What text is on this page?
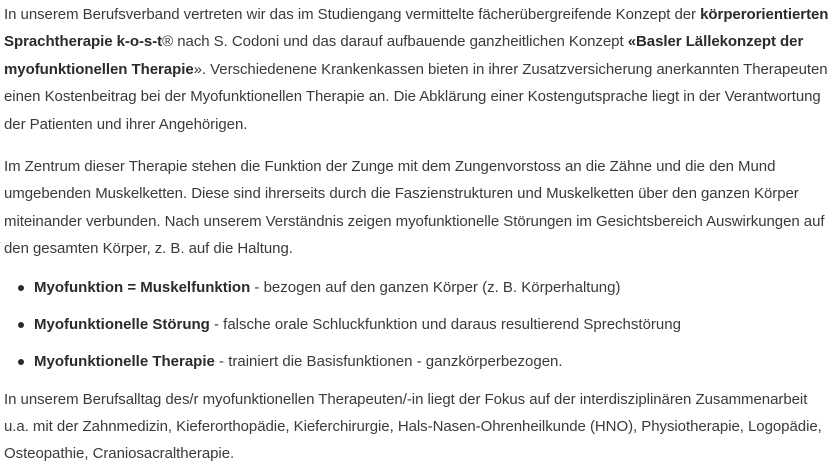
In unserem Berufsverband vertreten wir das im Studiengang vermittelte fächerübergreifende Konzept der körperorientierten Sprachtherapie k-o-s-t® nach S. Codoni und das darauf aufbauende ganzheitlichen Konzept «Basler Lällekonzept der myofunktionellen Therapie». Verschiedenene Krankenkassen bieten in ihrer Zusatzversicherung anerkannten Therapeuten einen Kostenbeitrag bei der Myofunktionellen Therapie an. Die Abklärung einer Kostengutsprache liegt in der Verantwortung der Patienten und ihrer Angehörigen.

Im Zentrum dieser Therapie stehen die Funktion der Zunge mit dem Zungenvorstoss an die Zähne und die den Mund umgebenden Muskelketten. Diese sind ihrerseits durch die Faszienstrukturen und Muskelketten über den ganzen Körper miteinander verbunden. Nach unserem Verständnis zeigen myofunktionelle Störungen im Gesichtsbereich Auswirkungen auf den gesamten Körper, z. B. auf die Haltung.

Myofunktion = Muskelfunktion - bezogen auf den ganzen Körper (z. B. Körperhaltung)
Myofunktionelle Störung - falsche orale Schluckfunktion und daraus resultierend Sprechstörung
Myofunktionelle Therapie - trainiert die Basisfunktionen - ganzkörperbezogen.

In unserem Berufsalltag des/r myofunktionellen Therapeuten/-in liegt der Fokus auf der interdisziplinären Zusammenarbeit u.a. mit der Zahnmedizin, Kieferorthopädie, Kieferchirurgie, Hals-Nasen-Ohrenheilkunde (HNO), Physiotherapie, Logopädie, Osteopathie, Craniosacraltherapie.
